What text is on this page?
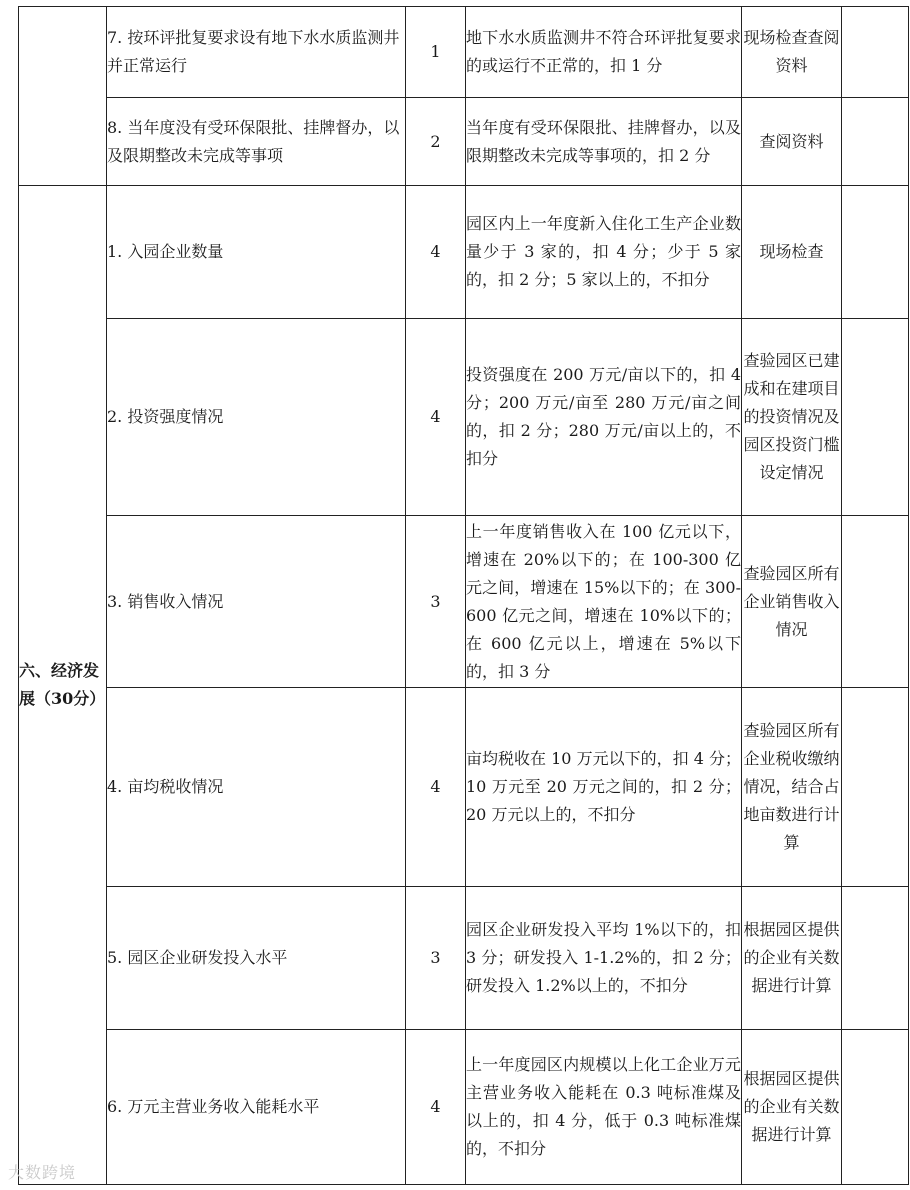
	7. 按环评批复要求设有地下水水质监测井并正常运行	1	地下水水质监测井不符合环评批复要求的或运行不正常的，扣 1 分	现场检查查阅资料	
	8. 当年度没有受环保限批、挂牌督办，以及限期整改未完成等事项	2	当年度有受环保限批、挂牌督办，以及限期整改未完成等事项的，扣 2 分	查阅资料	
六、经济发展（30分）	1. 入园企业数量	4	园区内上一年度新入住化工生产企业数量少于 3 家的，扣 4 分；少于 5 家的，扣 2 分；5 家以上的，不扣分	现场检查	
	2. 投资强度情况	4	投资强度在 200 万元/亩以下的，扣 4 分；200 万元/亩至 280 万元/亩之间的，扣 2 分；280 万元/亩以上的，不扣分	查验园区已建成和在建项目的投资情况及园区投资门槛设定情况	
	3. 销售收入情况	3	上一年度销售收入在 100 亿元以下，增速在 20%以下的；在 100-300 亿元之间，增速在 15%以下的；在 300-600 亿元之间，增速在 10%以下的；在 600 亿元以上，增速在 5%以下的，扣 3 分	查验园区所有企业销售收入情况	
	4. 亩均税收情况	4	亩均税收在 10 万元以下的，扣 4 分；10 万元至 20 万元之间的，扣 2 分；20 万元以上的，不扣分	查验园区所有企业税收缴纳情况，结合占地亩数进行计算	
	5. 园区企业研发投入水平	3	园区企业研发投入平均 1%以下的，扣 3 分；研发投入 1-1.2%的，扣 2 分；研发投入 1.2%以上的，不扣分	根据园区提供的企业有关数据进行计算	
	6. 万元主营业务收入能耗水平	4	上一年度园区内规模以上化工企业万元主营业务收入能耗在 0.3 吨标准煤及以上的，扣 4 分，低于 0.3 吨标准煤的，不扣分	根据园区提供的企业有关数据进行计算	
大数跨境
